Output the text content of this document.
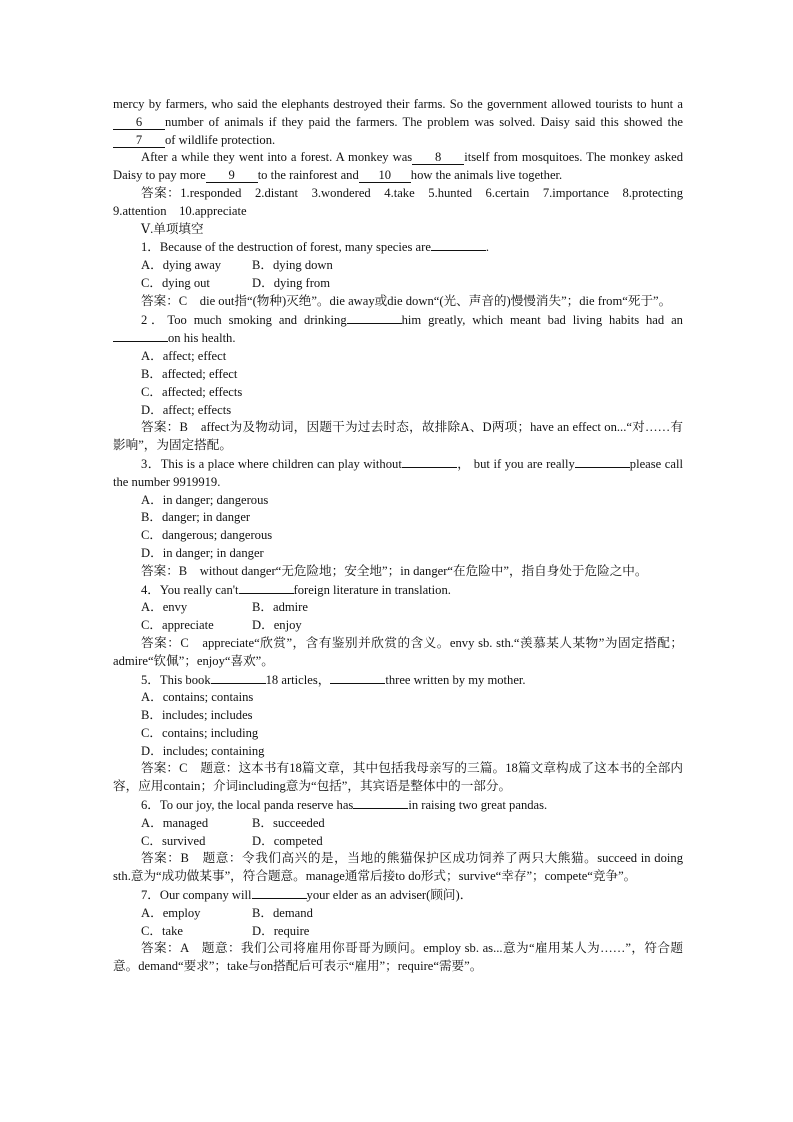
mercy by farmers, who said the elephants destroyed their farms. So the government allowed tourists to hunt a6 number of animals if they paid the farmers. The problem was solved. Daisy said this showed the7 of wildlife protection.

After a while they went into a forest. A monkey was 8 itself from mosquitoes. The monkey asked Daisy to pay more 9 to the rainforest and 10 how the animals live together.

答案：1.responded　2.distant　3.wondered　4.take　5.hunted　6.certain　7.importance　8.protecting　9.attention　10.appreciate

Ⅴ.单项填空

1．Because of the destruction of forest, many species are	.

A．dying away	B．dying down
C．dying out	D．dying from

答案：C　die out指“(物种)灭绝”。die away或die down“(光、声音的)慢慢消失”；die from“死于”。

2．Too much smoking and drinking	him greatly, which meant bad living habits had anon his health.

A．affect; effect

B．affected; effect

C．affected; effects

D．affect; effects

答案：B　affect为及物动词，因题干为过去时态，故排除A、D两项；have an effect on...“对……有影响”，为固定搭配。

3．This is a place where children can play without	， but if you are really	please call the number 9919919.

A．in danger; dangerous

B．danger; in danger

C．dangerous; dangerous

D．in danger; in danger

答案：B　without danger“无危险地；安全地”；in danger“在危险中”，指自身处于危险之中。

4．You really can't	foreign literature in translation.

A．envy	B．admire
C．appreciate	D．enjoy

答案：C　appreciate“欣赏”，含有鉴别并欣赏的含义。envy sb. sth.“羡慕某人某物”为固定搭配；admire“钦佩”；enjoy“喜欢”。

5．This book	18 articles，	three written by my mother.

A．contains; contains

B．includes; includes

C．contains; including

D．includes; containing

答案：C　题意：这本书有18篇文章，其中包括我母亲写的三篇。18篇文章构成了这本书的全部内容，应用contain；介词including意为“包括”，其宾语是整体中的一部分。

6．To our joy, the local panda reserve has	in raising two great pandas.

A．managed	B．succeeded
C．survived	D．competed

答案：B　题意：令我们高兴的是，当地的熊猫保护区成功饲养了两只大熊猫。succeed in doing sth.意为“成功做某事”，符合题意。manage通常后接to do形式；survive“幸存”；compete“竞争”。

7．Our company will	your elder as an adviser(顾问)．

A．employ	B．demand
C．take	D．require

答案：A　题意：我们公司将雇用你哥哥为顾问。employ sb. as...意为“雇用某人为……”，符合题意。demand“要求”；take与on搭配后可表示“雇用”；require“需要”。
